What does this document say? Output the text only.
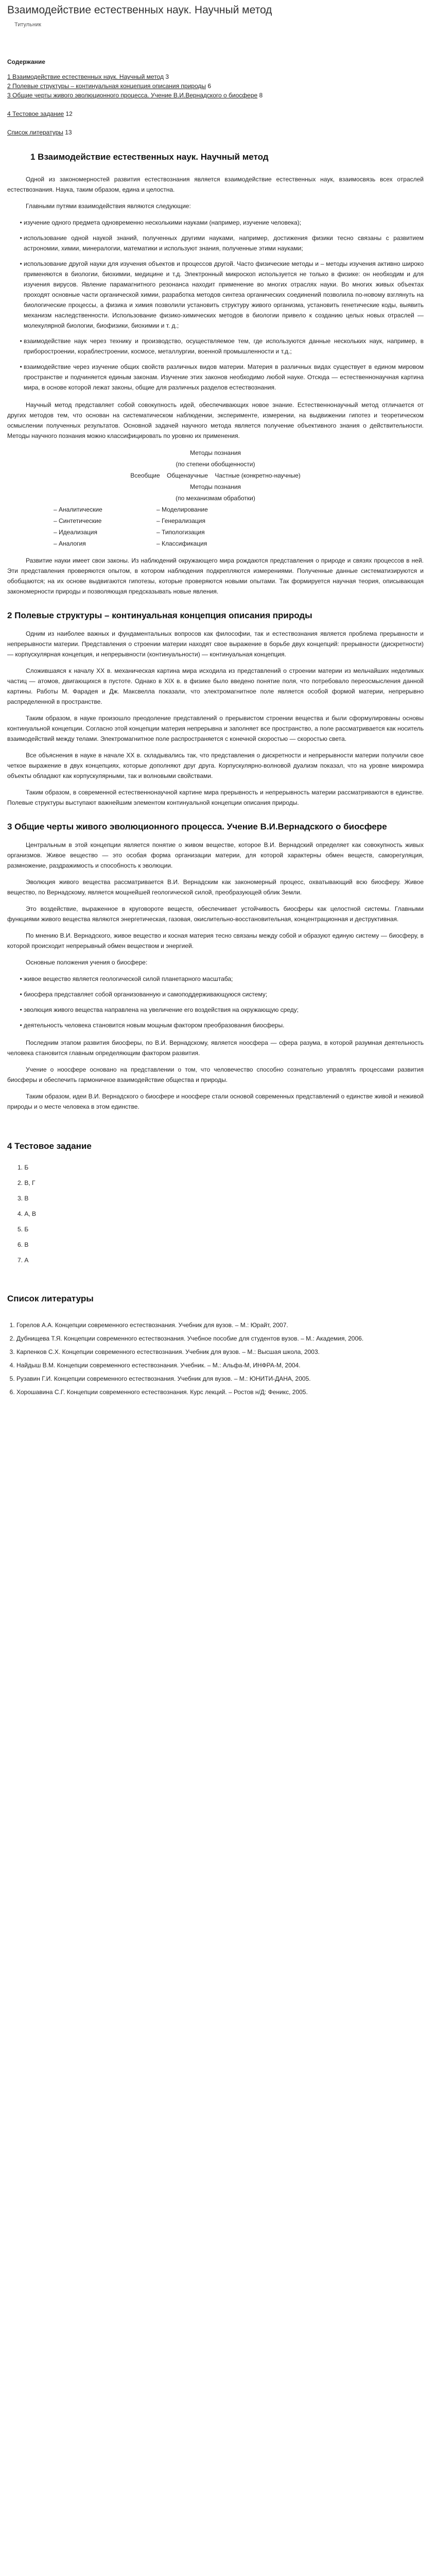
Взаимодействие естественных наук. Научный метод
Титульник
Содержание
1 Взаимодействие естественных наук. Научный метод 3
2 Полевые структуры – континуальная концепция описания природы 6
3 Общие черты живого эволюционного процесса. Учение В.И.Вернадского о биосфере 8
4 Тестовое задание 12
Список литературы 13
1 Взаимодействие естественных наук. Научный метод

Одной из закономерностей развития естествознания является взаимодействие естественных наук, взаимосвязь всех отраслей естествознания. Наука, таким образом, едина и целостна.

Главными путями взаимодействия являются следующие:

• изучение одного предмета одновременно несколькими науками (например, изучение человека);
• использование одной наукой знаний, полученных другими науками, например, достижения физики тесно связаны с развитием астрономии, химии, минералогии, математики и используют знания, полученные этими науками;
• использование другой науки для изучения объектов и процессов другой. Часто физические методы и – методы изучения активно широко применяются в биологии, биохимии, медицине и т.д. Электронный микроскоп используется не только в физике: он необходим и для изучения вирусов. Явление парамагнитного резонанса находит применение во многих отраслях науки. Во многих живых объектах проходят основные части органической химии, разработка методов синтеза органических соединений позволила по-новому взглянуть на биологические процессы, а физика и химия позволили установить структуру живого организма, установить генетические коды, выявить механизм наследственности. Использование физико-химических методов в биологии привело к созданию целых новых отраслей — молекулярной биологии, биофизики, биохимии и т. д.;
• взаимодействие наук через технику и производство, осуществляемое тем, где используются данные нескольких наук, например, в приборостроении, кораблестроении, космосе, металлургии, военной промышленности и т.д.;
• взаимодействие через изучение общих свойств различных видов материи. Материя в различных видах существует в едином мировом пространстве и подчиняется единым законам. Изучение этих законов необходимо любой науке. Отсюда — естественнонаучная картина мира, в основе которой лежат законы, общие для различных разделов естествознания.

Научный метод представляет собой совокупность идей, обеспечивающих новое знание. Естественнонаучный метод отличается от других методов тем, что основан на систематическом наблюдении, эксперименте, измерении, на выдвижении гипотез и теоретическом осмыслении полученных результатов. Основной задачей научного метода является получение объективного знания о действительности. Методы научного познания можно классифицировать по уровню их применения.

Методы познания
(по степени обобщенности)
Всеобщие Общенаучные Частные (конкретно-научные)
Методы познания
(по механизмам обработки)
– Аналитические	– Моделирование
– Синтетические	– Генерализация
– Идеализация	– Типологизация
– Аналогия	– Классификация

Развитие науки имеет свои законы. Из наблюдений окружающего мира рождаются представления о природе и связях процессов в ней. Эти представления проверяются опытом, в котором наблюдения подкрепляются измерениями. Полученные данные систематизируются и обобщаются; на их основе выдвигаются гипотезы, которые проверяются новыми опытами. Так формируется научная теория, описывающая закономерности природы и позволяющая предсказывать новые явления.

2 Полевые структуры – континуальная концепция описания природы

Одним из наиболее важных и фундаментальных вопросов как философии, так и естествознания является проблема прерывности и непрерывности материи. Представления о строении материи находят свое выражение в борьбе двух концепций: прерывности (дискретности) — корпускулярная концепция, и непрерывности (континуальности) — континуальная концепция.

Сложившаяся к началу XX в. механическая картина мира исходила из представлений о строении материи из мельчайших неделимых частиц — атомов, двигающихся в пустоте. Однако в XIX в. в физике было введено понятие поля, что потребовало переосмысления данной картины. Работы М. Фарадея и Дж. Максвелла показали, что электромагнитное поле является особой формой материи, непрерывно распределенной в пространстве.

Таким образом, в науке произошло преодоление представлений о прерывистом строении вещества и были сформулированы основы континуальной концепции. Согласно этой концепции материя непрерывна и заполняет все пространство, а поле рассматривается как носитель взаимодействий между телами. Электромагнитное поле распространяется с конечной скоростью — скоростью света.

Все объяснения в науке в начале XX в. складывались так, что представления о дискретности и непрерывности материи получили свое четкое выражение в двух концепциях, которые дополняют друг друга. Корпускулярно-волновой дуализм показал, что на уровне микромира объекты обладают как корпускулярными, так и волновыми свойствами.

Таким образом, в современной естественнонаучной картине мира прерывность и непрерывность материи рассматриваются в единстве. Полевые структуры выступают важнейшим элементом континуальной концепции описания природы.

3 Общие черты живого эволюционного процесса. Учение В.И.Вернадского о биосфере

Центральным в этой концепции является понятие о живом веществе, которое В.И. Вернадский определяет как совокупность живых организмов. Живое вещество — это особая форма организации материи, для которой характерны обмен веществ, саморегуляция, размножение, раздражимость и способность к эволюции.

Эволюция живого вещества рассматривается В.И. Вернадским как закономерный процесс, охватывающий всю биосферу. Живое вещество, по Вернадскому, является мощнейшей геологической силой, преобразующей облик Земли.

Это воздействие, выраженное в круговороте веществ, обеспечивает устойчивость биосферы как целостной системы. Главными функциями живого вещества являются энергетическая, газовая, окислительно-восстановительная, концентрационная и деструктивная.

По мнению В.И. Вернадского, живое вещество и косная материя тесно связаны между собой и образуют единую систему — биосферу, в которой происходит непрерывный обмен веществом и энергией.

Основные положения учения о биосфере:

• живое вещество является геологической силой планетарного масштаба;
• биосфера представляет собой организованную и самоподдерживающуюся систему;
• эволюция живого вещества направлена на увеличение его воздействия на окружающую среду;
• деятельность человека становится новым мощным фактором преобразования биосферы.

Последним этапом развития биосферы, по В.И. Вернадскому, является ноосфера — сфера разума, в которой разумная деятельность человека становится главным определяющим фактором развития.

Учение о ноосфере основано на представлении о том, что человечество способно сознательно управлять процессами развития биосферы и обеспечить гармоничное взаимодействие общества и природы.

Таким образом, идеи В.И. Вернадского о биосфере и ноосфере стали основой современных представлений о единстве живой и неживой природы и о месте человека в этом единстве.

4 Тестовое задание
1. Б
2. В, Г
3. В
4. А, В
5. Б
6. В
7. А
Список литературы
1. Горелов А.А. Концепции современного естествознания. Учебник для вузов. – М.: Юрайт, 2007.
2. Дубнищева Т.Я. Концепции современного естествознания. Учебное пособие для студентов вузов. – М.: Академия, 2006.
3. Карпенков С.Х. Концепции современного естествознания. Учебник для вузов. – М.: Высшая школа, 2003.
4. Найдыш В.М. Концепции современного естествознания. Учебник. – М.: Альфа-М, ИНФРА-М, 2004.
5. Рузавин Г.И. Концепции современного естествознания. Учебник для вузов. – М.: ЮНИТИ-ДАНА, 2005.
6. Хорошавина С.Г. Концепции современного естествознания. Курс лекций. – Ростов н/Д: Феникс, 2005.
